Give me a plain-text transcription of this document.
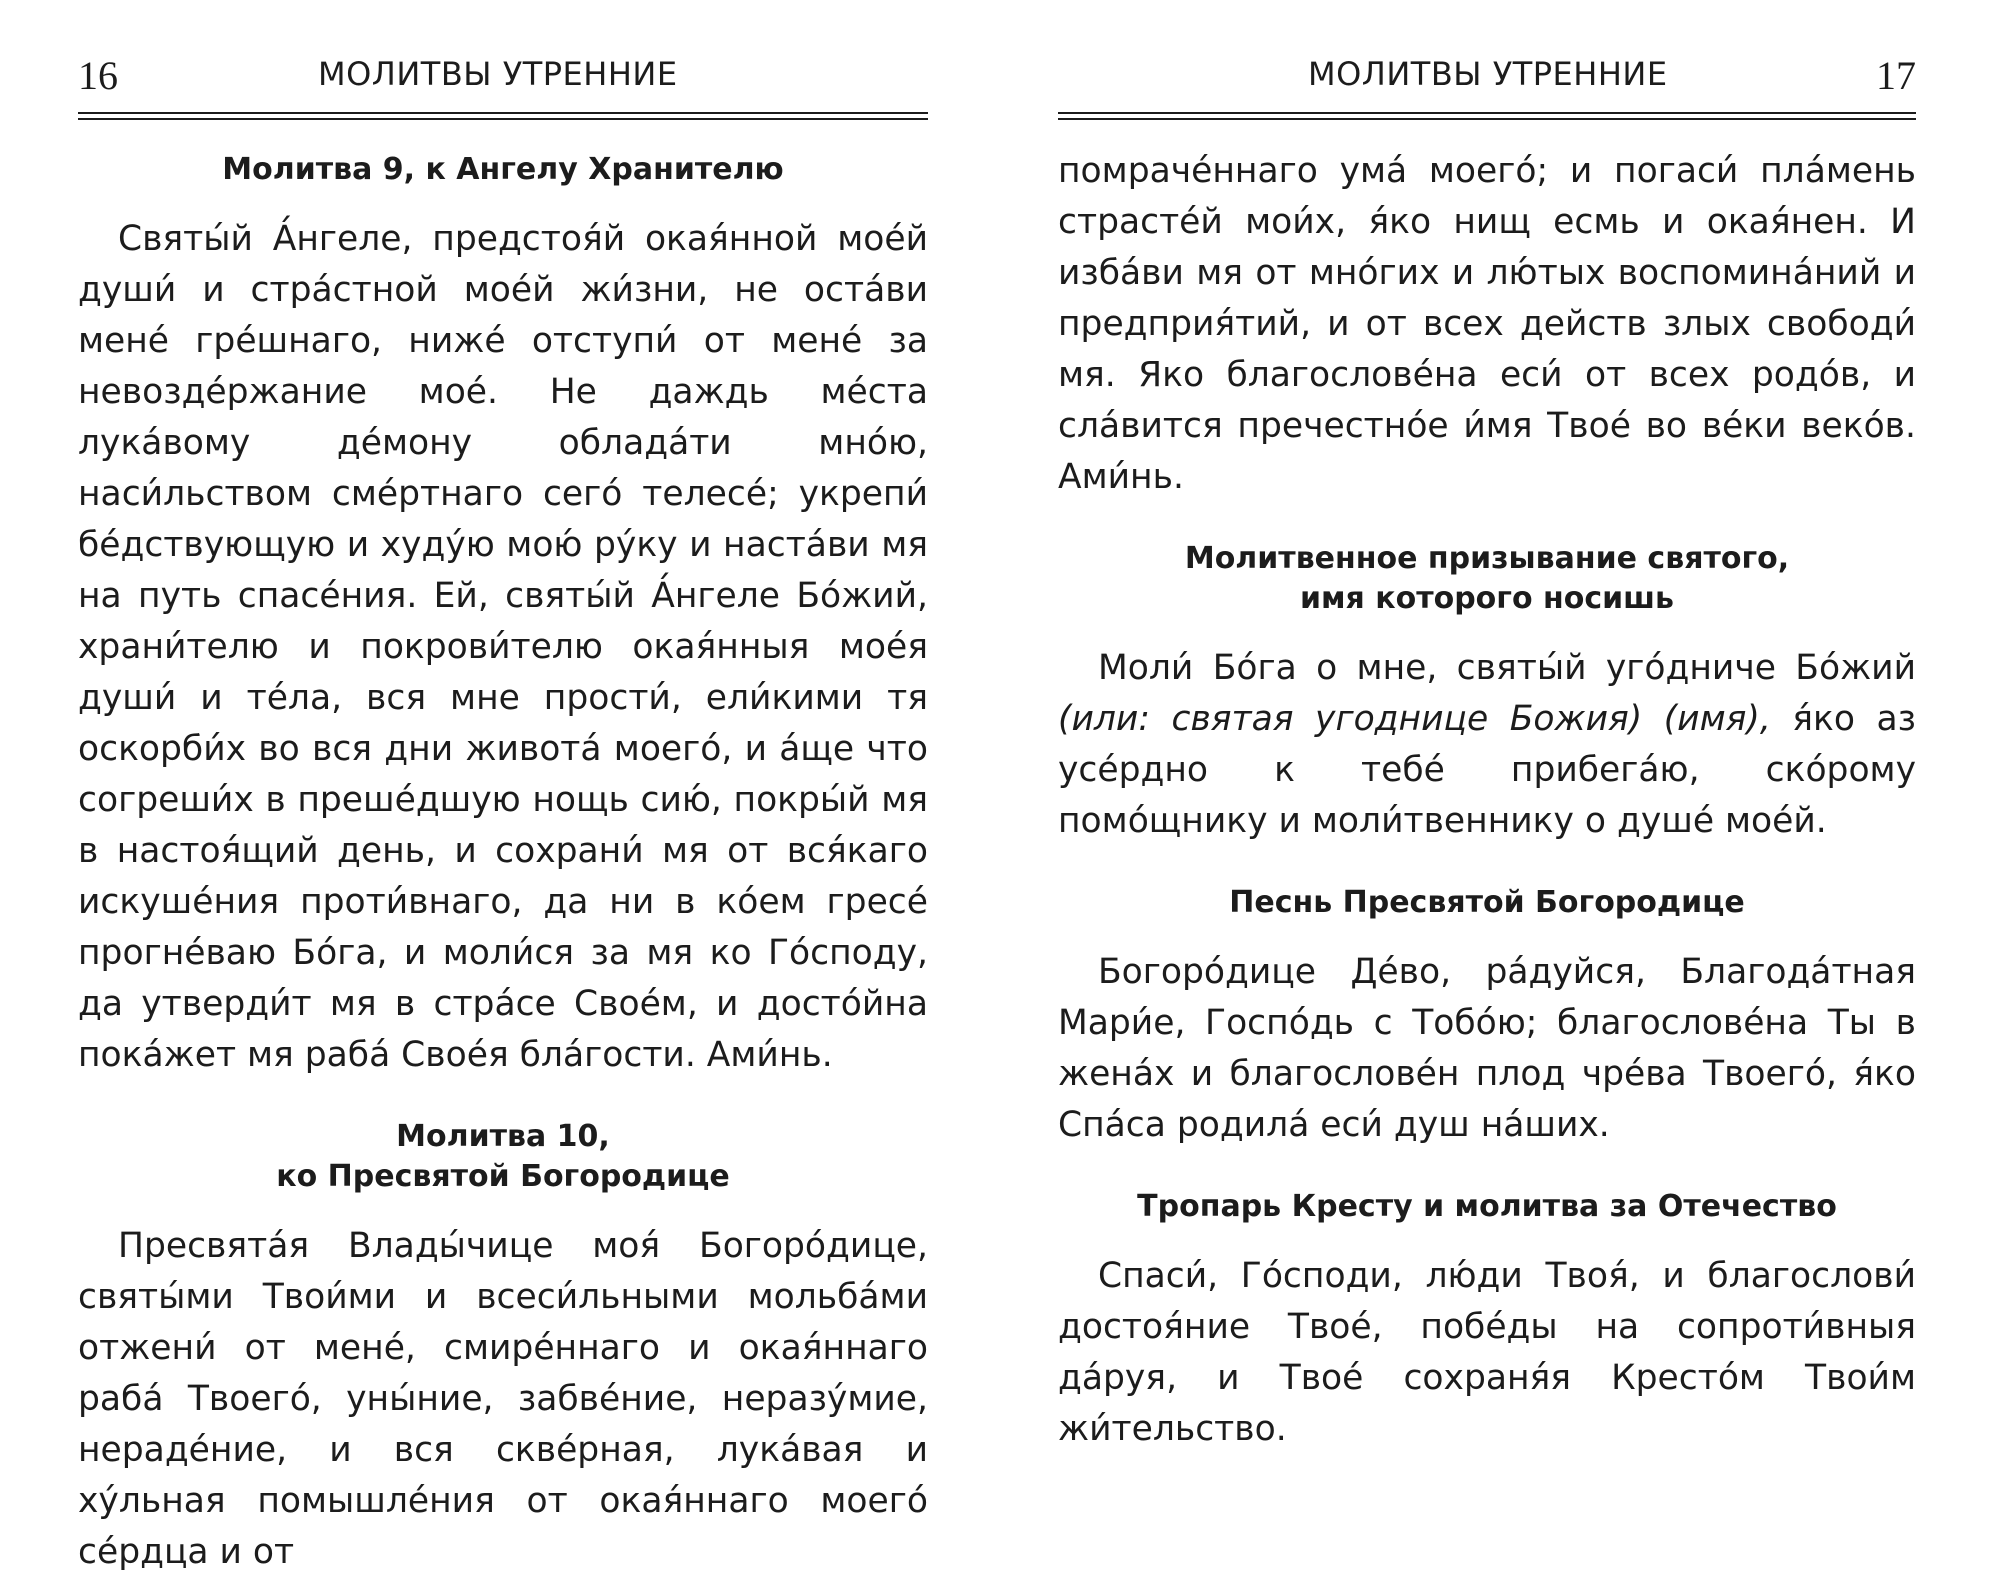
16	МОЛИТВЫ УТРЕННИЕ
Молитва 9, к Ангелу Хранителю

Святы́й А́нгеле, предстоя́й окая́нной мое́й души́ и стра́стной мое́й жи́зни, не оста́ви мене́ гре́шнаго, ниже́ отступи́ от мене́ за невозде́ржание мое́. Не даждь ме́ста лука́вому де́мону облада́ти мно́ю, наси́льством сме́ртнаго сего́ телесе́; укрепи́ бе́дствующую и худу́ю мою́ ру́ку и наста́ви мя на путь спасе́ния. Ей, святы́й А́нгеле Бо́жий, храни́телю и покрови́телю окая́нныя мое́я души́ и те́ла, вся мне прости́, ели́кими тя оскорби́х во вся дни живота́ моего́, и а́ще что согреши́х в преше́дшую нощь сию́, покры́й мя в настоя́щий день, и сохрани́ мя от вся́каго искуше́ния проти́внаго, да ни в ко́ем гресе́ прогне́ваю Бо́га, и моли́ся за мя ко Го́споду, да утверди́т мя в стра́се Свое́м, и досто́йна пока́жет мя раба́ Свое́я бла́гости. Ами́нь.

Молитва 10,
ко Пресвятой Богородице

Пресвята́я Влады́чице моя́ Богоро́дице, святы́ми Твои́ми и всеси́льными мольба́ми отжени́ от мене́, смире́ннаго и окая́ннаго раба́ Твоего́, уны́ние, забве́ние, неразу́мие, нераде́ние, и вся скве́рная, лука́вая и ху́льная помышле́ния от окая́ннаго моего́ се́рдца и от

МОЛИТВЫ УТРЕННИЕ	17

помраче́ннаго ума́ моего́; и погаси́ пла́мень страсте́й мои́х, я́ко нищ есмь и окая́нен. И изба́ви мя от мно́гих и лю́тых воспомина́ний и предприя́тий, и от всех действ злых свободи́ мя. Яко благослове́на еси́ от всех родо́в, и сла́вится пречестно́е и́мя Твое́ во ве́ки веко́в. Ами́нь.

Молитвенное призывание святого,
имя которого носишь

Моли́ Бо́га о мне, святы́й уго́дниче Бо́жий (или: святая угоднице Божия) (имя), я́ко аз усе́рдно к тебе́ прибега́ю, ско́рому помо́щнику и моли́твеннику о душе́ мое́й.

Песнь Пресвятой Богородице

Богоро́дице Де́во, ра́дуйся, Благода́тная Мари́е, Госпо́дь с Тобо́ю; благослове́на Ты в жена́х и благослове́н плод чре́ва Твоего́, я́ко Спа́са родила́ еси́ душ на́ших.

Тропарь Кресту и молитва за Отечество

Спаси́, Го́споди, лю́ди Твоя́, и благослови́ достоя́ние Твое́, побе́ды на сопроти́вныя да́руя, и Твое́ сохраня́я Кресто́м Твои́м жи́тельство.
